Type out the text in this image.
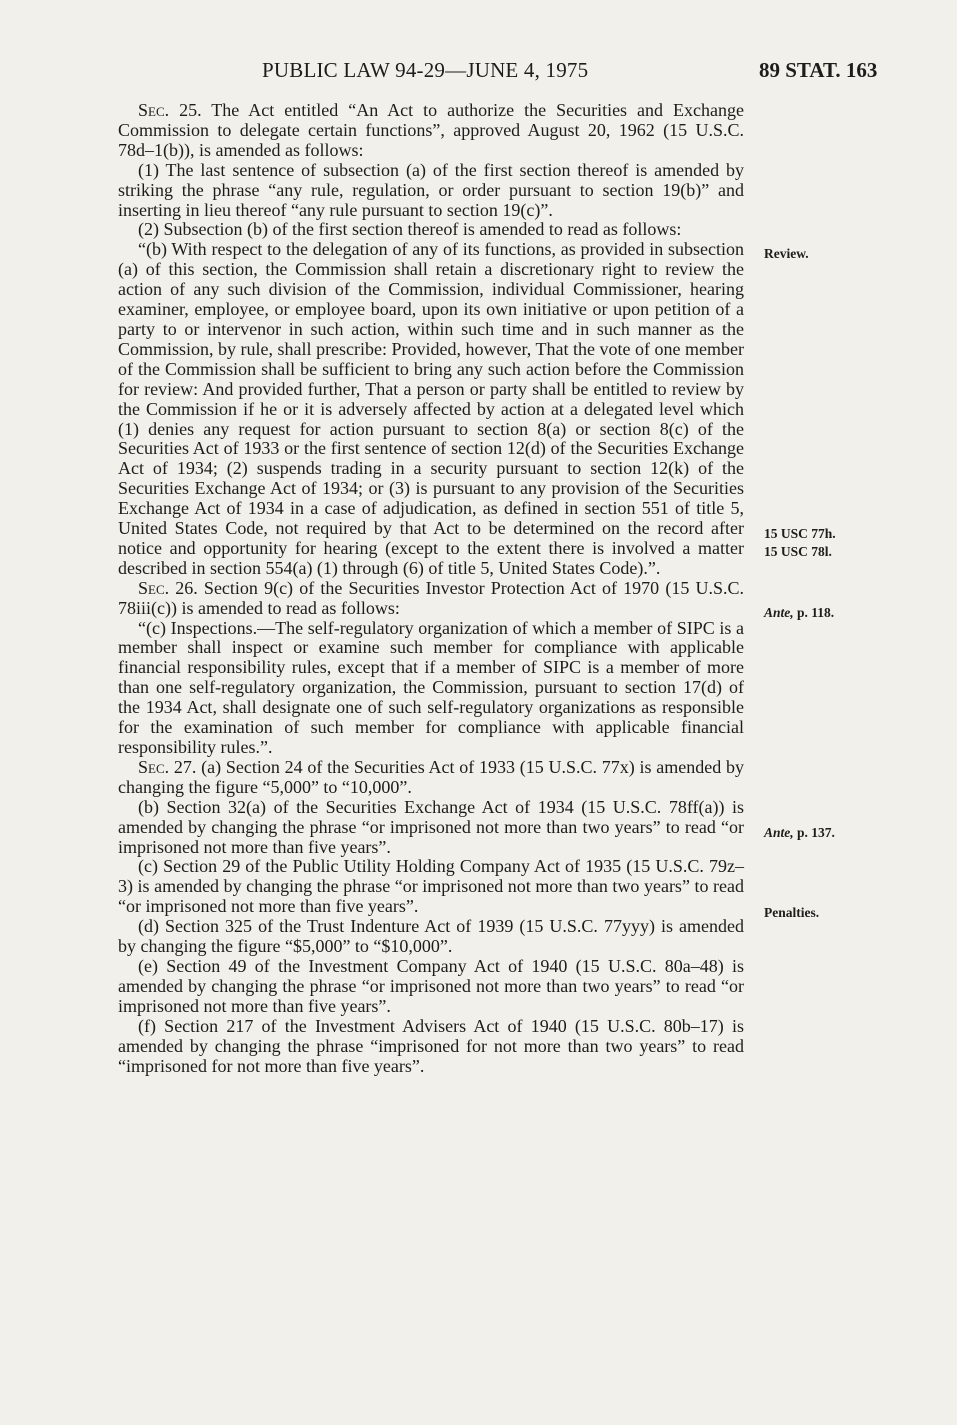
PUBLIC LAW 94-29—JUNE 4, 1975	89 STAT. 163

Sec. 25. The Act entitled “An Act to authorize the Securities and Exchange Commission to delegate certain functions”, approved August 20, 1962 (15 U.S.C. 78d–1(b)), is amended as follows:

(1) The last sentence of subsection (a) of the first section thereof is amended by striking the phrase “any rule, regulation, or order pursuant to section 19(b)” and inserting in lieu thereof “any rule pursuant to section 19(c)”.

(2) Subsection (b) of the first section thereof is amended to read as follows:

“(b) With respect to the delegation of any of its functions, as provided in subsection (a) of this section, the Commission shall retain a discretionary right to review the action of any such division of the Commission, individual Commissioner, hearing examiner, employee, or employee board, upon its own initiative or upon petition of a party to or intervenor in such action, within such time and in such manner as the Commission, by rule, shall prescribe: Provided, however, That the vote of one member of the Commission shall be sufficient to bring any such action before the Commission for review: And provided further, That a person or party shall be entitled to review by the Commission if he or it is adversely affected by action at a delegated level which (1) denies any request for action pursuant to section 8(a) or section 8(c) of the Securities Act of 1933 or the first sentence of section 12(d) of the Securities Exchange Act of 1934; (2) suspends trading in a security pursuant to section 12(k) of the Securities Exchange Act of 1934; or (3) is pursuant to any provision of the Securities Exchange Act of 1934 in a case of adjudication, as defined in section 551 of title 5, United States Code, not required by that Act to be determined on the record after notice and opportunity for hearing (except to the extent there is involved a matter described in section 554(a) (1) through (6) of title 5, United States Code).”.

Sec. 26. Section 9(c) of the Securities Investor Protection Act of 1970 (15 U.S.C. 78iii(c)) is amended to read as follows:

“(c) Inspections.—The self-regulatory organization of which a member of SIPC is a member shall inspect or examine such member for compliance with applicable financial responsibility rules, except that if a member of SIPC is a member of more than one self-regulatory organization, the Commission, pursuant to section 17(d) of the 1934 Act, shall designate one of such self-regulatory organizations as responsible for the examination of such member for compliance with applicable financial responsibility rules.”.

Sec. 27. (a) Section 24 of the Securities Act of 1933 (15 U.S.C. 77x) is amended by changing the figure “5,000” to “10,000”.

(b) Section 32(a) of the Securities Exchange Act of 1934 (15 U.S.C. 78ff(a)) is amended by changing the phrase “or imprisoned not more than two years” to read “or imprisoned not more than five years”.

(c) Section 29 of the Public Utility Holding Company Act of 1935 (15 U.S.C. 79z–3) is amended by changing the phrase “or imprisoned not more than two years” to read “or imprisoned not more than five years”.

(d) Section 325 of the Trust Indenture Act of 1939 (15 U.S.C. 77yyy) is amended by changing the figure “$5,000” to “$10,000”.

(e) Section 49 of the Investment Company Act of 1940 (15 U.S.C. 80a–48) is amended by changing the phrase “or imprisoned not more than two years” to read “or imprisoned not more than five years”.

(f) Section 217 of the Investment Advisers Act of 1940 (15 U.S.C. 80b–17) is amended by changing the phrase “imprisoned for not more than two years” to read “imprisoned for not more than five years”.

Review.
15 USC 77h.
15 USC 78l.
Ante, p. 118.
Ante, p. 137.
Penalties.
